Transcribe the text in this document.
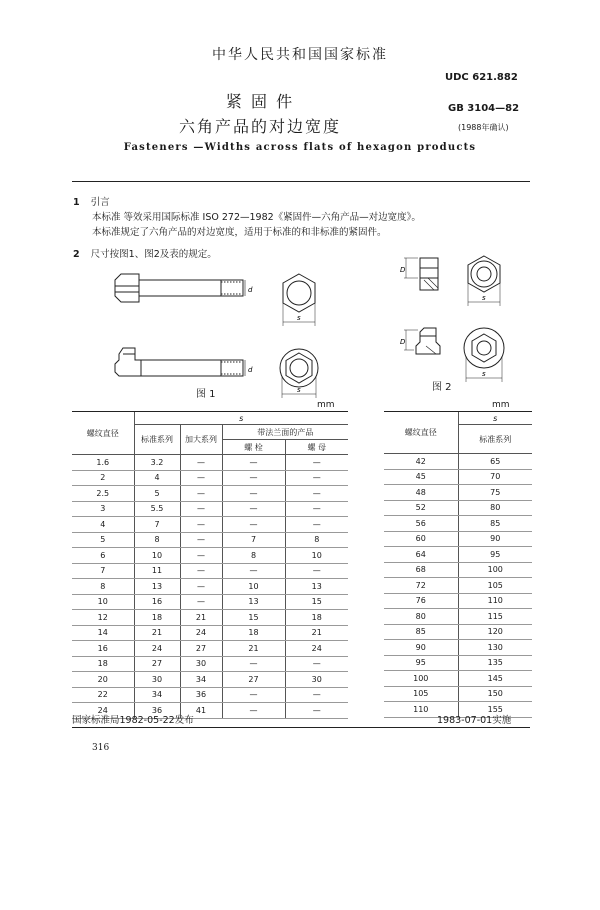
中华人民共和国国家标准
UDC 621.882
紧 固 件	GB 3104—82
六角产品的对边宽度	(1988年确认)
Fasteners —Widths across flats of hexagon products
1 引言
本标准 等效采用国际标准 ISO 272—1982《紧固件—六角产品—对边宽度》。
本标准规定了六角产品的对边宽度，适用于标准的和非标准的紧固件。
2 尺寸按图1、图2及表的规定。
d
d
s
s
图 1
D
D
s
s
图 2
mm	mm
螺纹直径	s			
	标准系列	加大系列	带法兰面的产品	
			螺 栓	螺 母
1.6	3.2	—	—	—
2	4	—	—	—
2.5	5	—	—	—
3	5.5	—	—	—
4	7	—	—	—
5	8	—	7	8
6	10	—	8	10
7	11	—	—	—
8	13	—	10	13
10	16	—	13	15
12	18	21	15	18
14	21	24	18	21
16	24	27	21	24
18	27	30	—	—
20	30	34	27	30
22	34	36	—	—
24	36	41	—	—
螺纹直径	s
	标准系列
42	65
45	70
48	75
52	80
56	85
60	90
64	95
68	100
72	105
76	110
80	115
85	120
90	130
95	135
100	145
105	150
110	155
国家标准局1982-05-22发布	1983-07-01实施
316
